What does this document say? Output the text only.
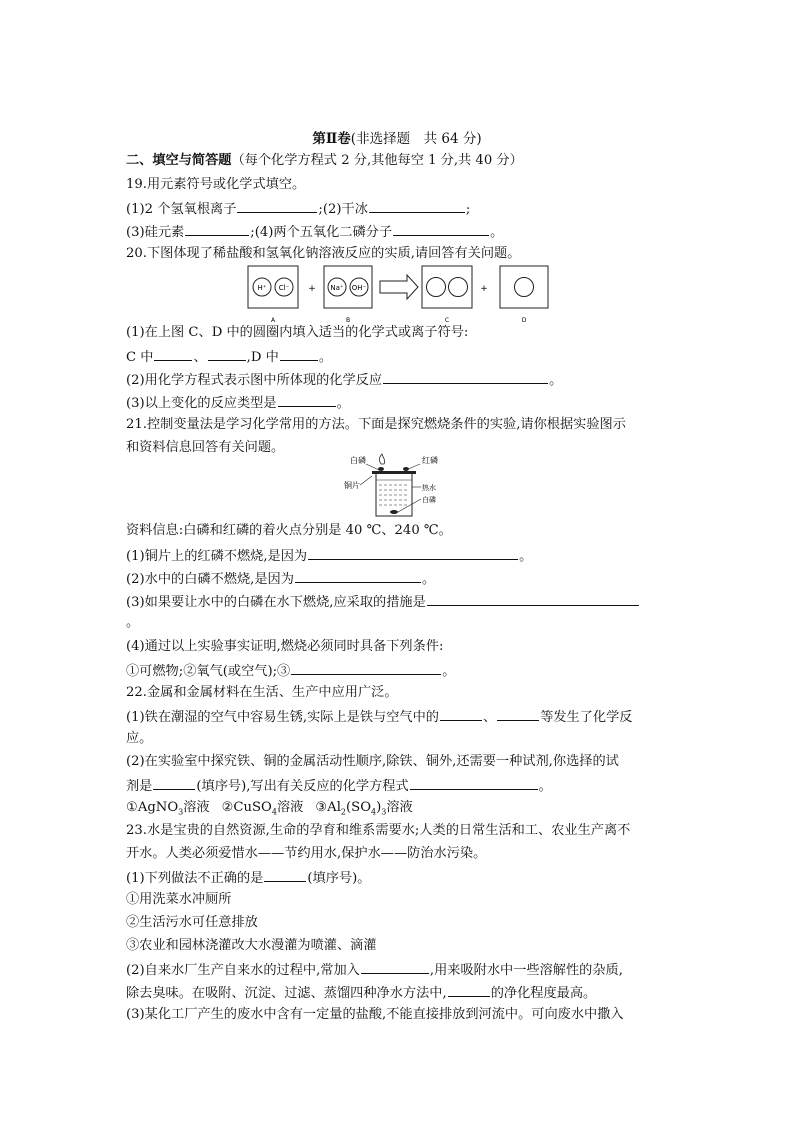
第Ⅱ卷(非选择题　共 64 分)
二、填空与简答题（每个化学方程式 2 分,其他每空 1 分,共 40 分）
19.用元素符号或化学式填空。
(1)2 个氢氧根离子	;(2)干冰	;
(3)硅元素	;(4)两个五氧化二磷分子	。
20.下图体现了稀盐酸和氢氧化钠溶液反应的实质,请回答有关问题。
H⁺ Cl⁻
A
+ Na⁺ OH⁻
B	C
+
D
(1)在上图 C、D 中的圆圈内填入适当的化学式或离子符号:
C 中	、	,D 中	。
(2)用化学方程式表示图中所体现的化学反应	。
(3)以上变化的反应类型是	。
21.控制变量法是学习化学常用的方法。下面是探究燃烧条件的实验,请你根据实验图示
和资料信息回答有关问题。
白磷	红磷
铜片	热水
白磷
资料信息:白磷和红磷的着火点分别是 40 ℃、240 ℃。
(1)铜片上的红磷不燃烧,是因为	。
(2)水中的白磷不燃烧,是因为	。
(3)如果要让水中的白磷在水下燃烧,应采取的措施是
。
(4)通过以上实验事实证明,燃烧必须同时具备下列条件:
①可燃物;②氧气(或空气);③	。
22.金属和金属材料在生活、生产中应用广泛。
(1)铁在潮湿的空气中容易生锈,实际上是铁与空气中的	、	等发生了化学反
应。
(2)在实验室中探究铁、铜的金属活动性顺序,除铁、铜外,还需要一种试剂,你选择的试
剂是	(填序号),写出有关反应的化学方程式	。
①AgNO$_3$溶液 ②CuSO$_4$溶液 $③Al_2(SO_4)_3$溶液
23.水是宝贵的自然资源,生命的孕育和维系需要水;人类的日常生活和工、农业生产离不
开水。人类必须爱惜水——节约用水,保护水——防治水污染。
(1)下列做法不正确的是	(填序号)。
①用洗菜水冲厕所
②生活污水可任意排放
③农业和园林浇灌改大水漫灌为喷灌、滴灌
(2)自来水厂生产自来水的过程中,常加入	,用来吸附水中一些溶解性的杂质,
除去臭味。在吸附、沉淀、过滤、蒸馏四种净水方法中,	的净化程度最高。
(3)某化工厂产生的废水中含有一定量的盐酸,不能直接排放到河流中。可向废水中撒入
